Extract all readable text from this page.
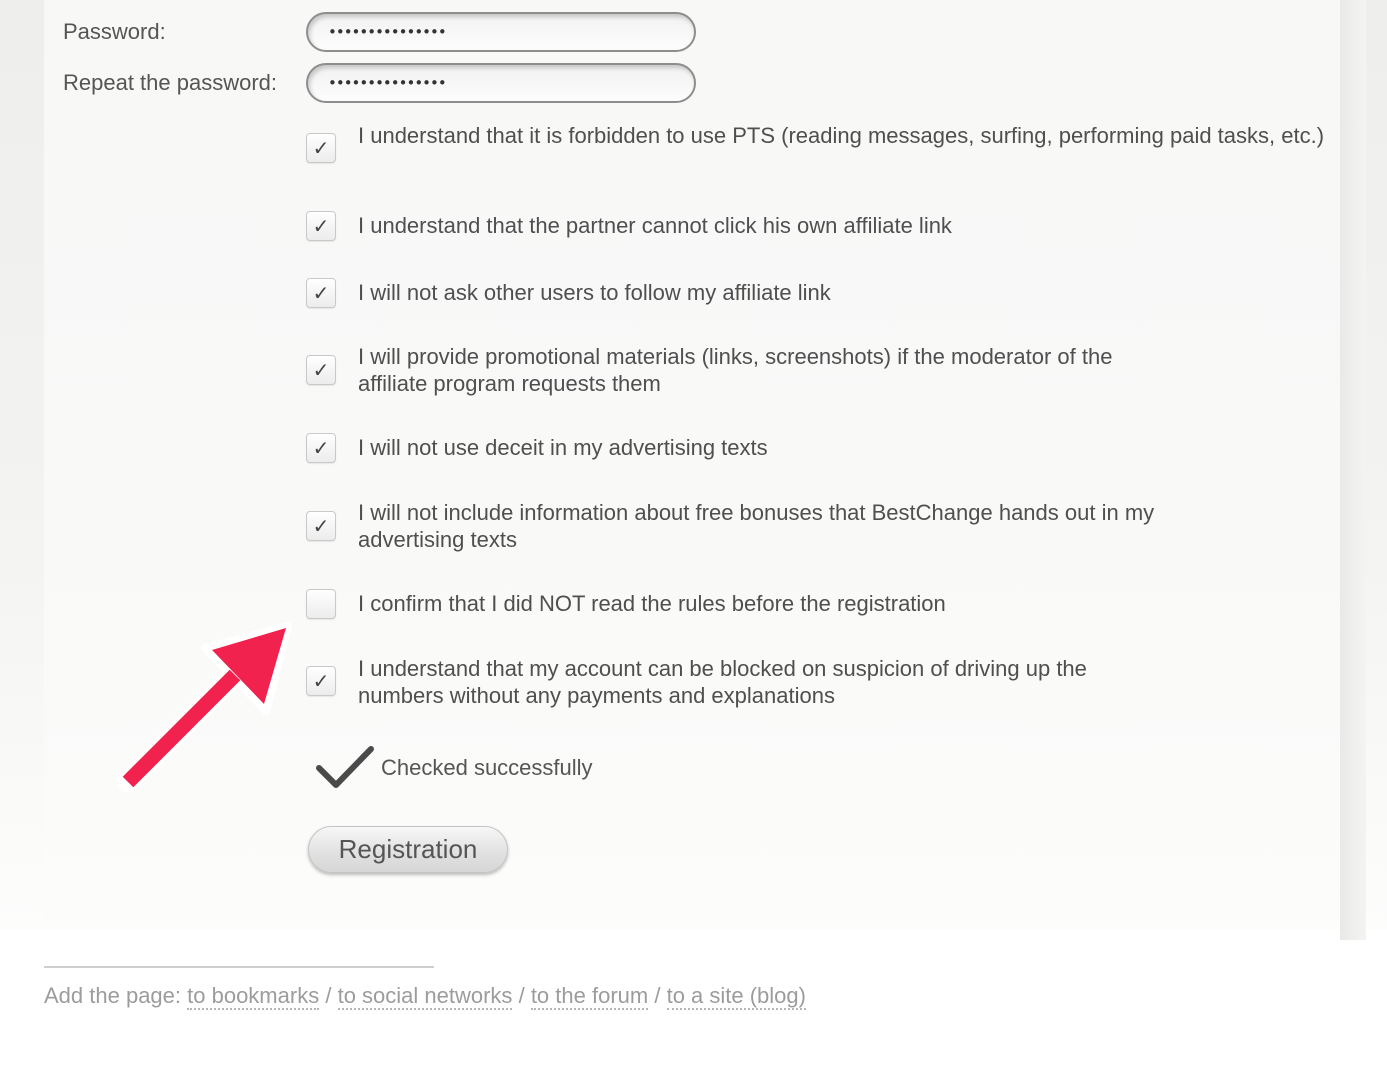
Password:
•••••••••••••••
Repeat the password:
•••••••••••••••
✓	I understand that it is forbidden to use PTS (reading messages, surfing, performing paid tasks, etc.)
✓	I understand that the partner cannot click his own affiliate link
✓	I will not ask other users to follow my affiliate link
✓
I will provide promotional materials (links, screenshots) if the moderator of the affiliate program requests them
✓	I will not use deceit in my advertising texts
✓
I will not include information about free bonuses that BestChange hands out in my advertising texts
I confirm that I did NOT read the rules before the registration
✓	I understand that my account can be blocked on suspicion of driving up the numbers without any payments and explanations
Checked successfully
Registration
Add the page: to bookmarks / to social networks / to the forum / to a site (blog)
